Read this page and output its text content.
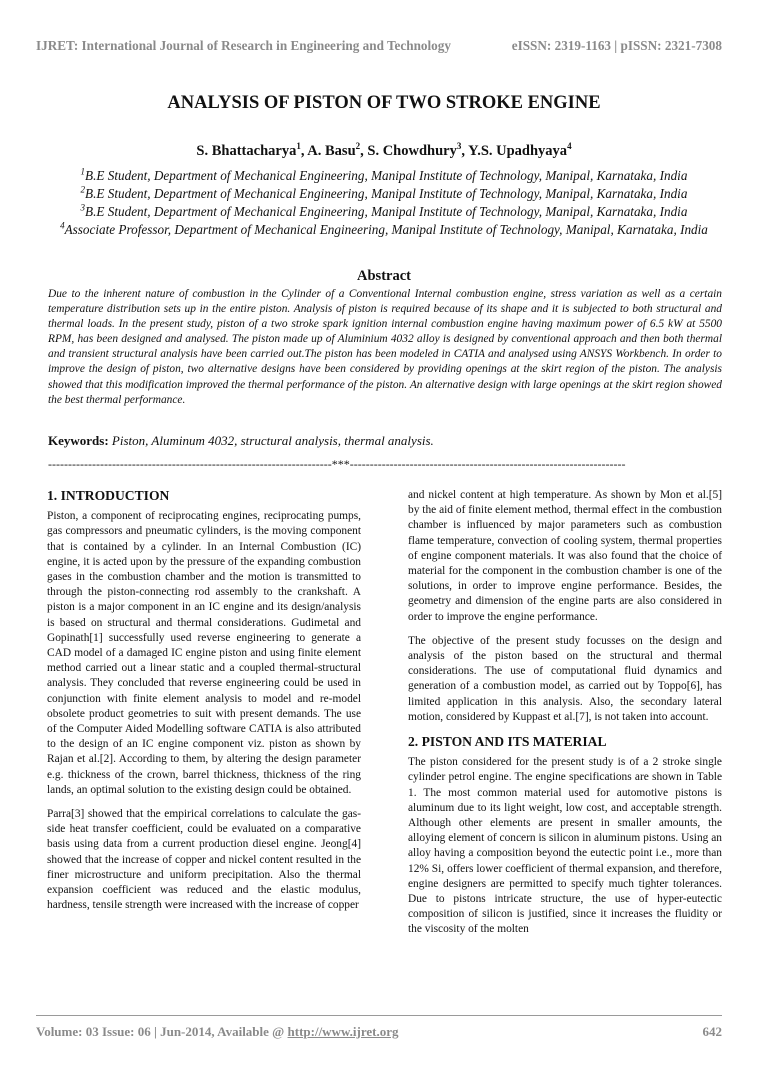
IJRET: International Journal of Research in Engineering and Technology	eISSN: 2319-1163 | pISSN: 2321-7308
ANALYSIS OF PISTON OF TWO STROKE ENGINE
S. Bhattacharya$^1$, A. Basu$^2$, S. Chowdhury$^3$, Y.S. Upadhyaya$^4$
$^1$B.E Student, Department of Mechanical Engineering, Manipal Institute of Technology, Manipal, Karnataka, India
$^2$B.E Student, Department of Mechanical Engineering, Manipal Institute of Technology, Manipal, Karnataka, India
$^3$B.E Student, Department of Mechanical Engineering, Manipal Institute of Technology, Manipal, Karnataka, India
$^4$Associate Professor, Department of Mechanical Engineering, Manipal Institute of Technology, Manipal, Karnataka, India
Abstract

Due to the inherent nature of combustion in the Cylinder of a Conventional Internal combustion engine, stress variation as well as a certain temperature distribution sets up in the entire piston. Analysis of piston is required because of its shape and it is subjected to both structural and thermal loads. In the present study, piston of a two stroke spark ignition internal combustion engine having maximum power of 6.5 kW at 5500 RPM, has been designed and analysed. The piston made up of Aluminium 4032 alloy is designed by conventional approach and then both thermal and transient structural analysis have been carried out.The piston has been modeled in CATIA and analysed using ANSYS Workbench. In order to improve the design of piston, two alternative designs have been considered by providing openings at the skirt region of the piston. The analysis showed that this modification improved the thermal performance of the piston. An alternative design with large openings at the skirt region showed the best thermal performance.

Keywords: Piston, Aluminum 4032, structural analysis, thermal analysis.

-----------------------------------------------------------------------***---------------------------------------------------------------------
1. INTRODUCTION

Piston, a component of reciprocating engines, reciprocating pumps, gas compressors and pneumatic cylinders, is the moving component that is contained by a cylinder. In an Internal Combustion (IC) engine, it is acted upon by the pressure of the expanding combustion gases in the combustion chamber and the motion is transmitted to through the piston-connecting rod assembly to the crankshaft. A piston is a major component in an IC engine and its design/analysis is based on structural and thermal considerations. Gudimetal and Gopinath[1] successfully used reverse engineering to generate a CAD model of a damaged IC engine piston and using finite element method carried out a linear static and a coupled thermal-structural analysis. They concluded that reverse engineering could be used in conjunction with finite element analysis to model and re-model obsolete product geometries to suit with present demands. The use of the Computer Aided Modelling software CATIA is also attributed to the design of an IC engine component viz. piston as shown by Rajan et al.[2]. According to them, by altering the design parameter e.g. thickness of the crown, barrel thickness, thickness of the ring lands, an optimal solution to the existing design could be obtained.

Parra[3] showed that the empirical correlations to calculate the gas-side heat transfer coefficient, could be evaluated on a comparative basis using data from a current production diesel engine. Jeong[4] showed that the increase of copper and nickel content resulted in the finer microstructure and uniform precipitation. Also the thermal expansion coefficient was reduced and the elastic modulus, hardness, tensile strength were increased with the increase of copper

and nickel content at high temperature. As shown by Mon et al.[5] by the aid of finite element method, thermal effect in the combustion chamber is influenced by major parameters such as combustion flame temperature, convection of cooling system, thermal properties of engine component materials. It was also found that the choice of material for the component in the combustion chamber is one of the solutions, in order to improve engine performance. Besides, the geometry and dimension of the engine parts are also considered in order to improve the engine performance.

The objective of the present study focusses on the design and analysis of the piston based on the structural and thermal considerations. The use of computational fluid dynamics and generation of a combustion model, as carried out by Toppo[6], has limited application in this analysis. Also, the secondary lateral motion, considered by Kuppast et al.[7], is not taken into account.

2. PISTON AND ITS MATERIAL

The piston considered for the present study is of a 2 stroke single cylinder petrol engine. The engine specifications are shown in Table 1. The most common material used for automotive pistons is aluminum due to its light weight, low cost, and acceptable strength. Although other elements are present in smaller amounts, the alloying element of concern is silicon in aluminum pistons. Using an alloy having a composition beyond the eutectic point i.e., more than 12% Si, offers lower coefficient of thermal expansion, and therefore, engine designers are permitted to specify much tighter tolerances. Due to pistons intricate structure, the use of hyper-eutectic composition of silicon is justified, since it increases the fluidity or the viscosity of the molten

Volume: 03 Issue: 06 | Jun-2014, Available @ http://www.ijret.org	642
